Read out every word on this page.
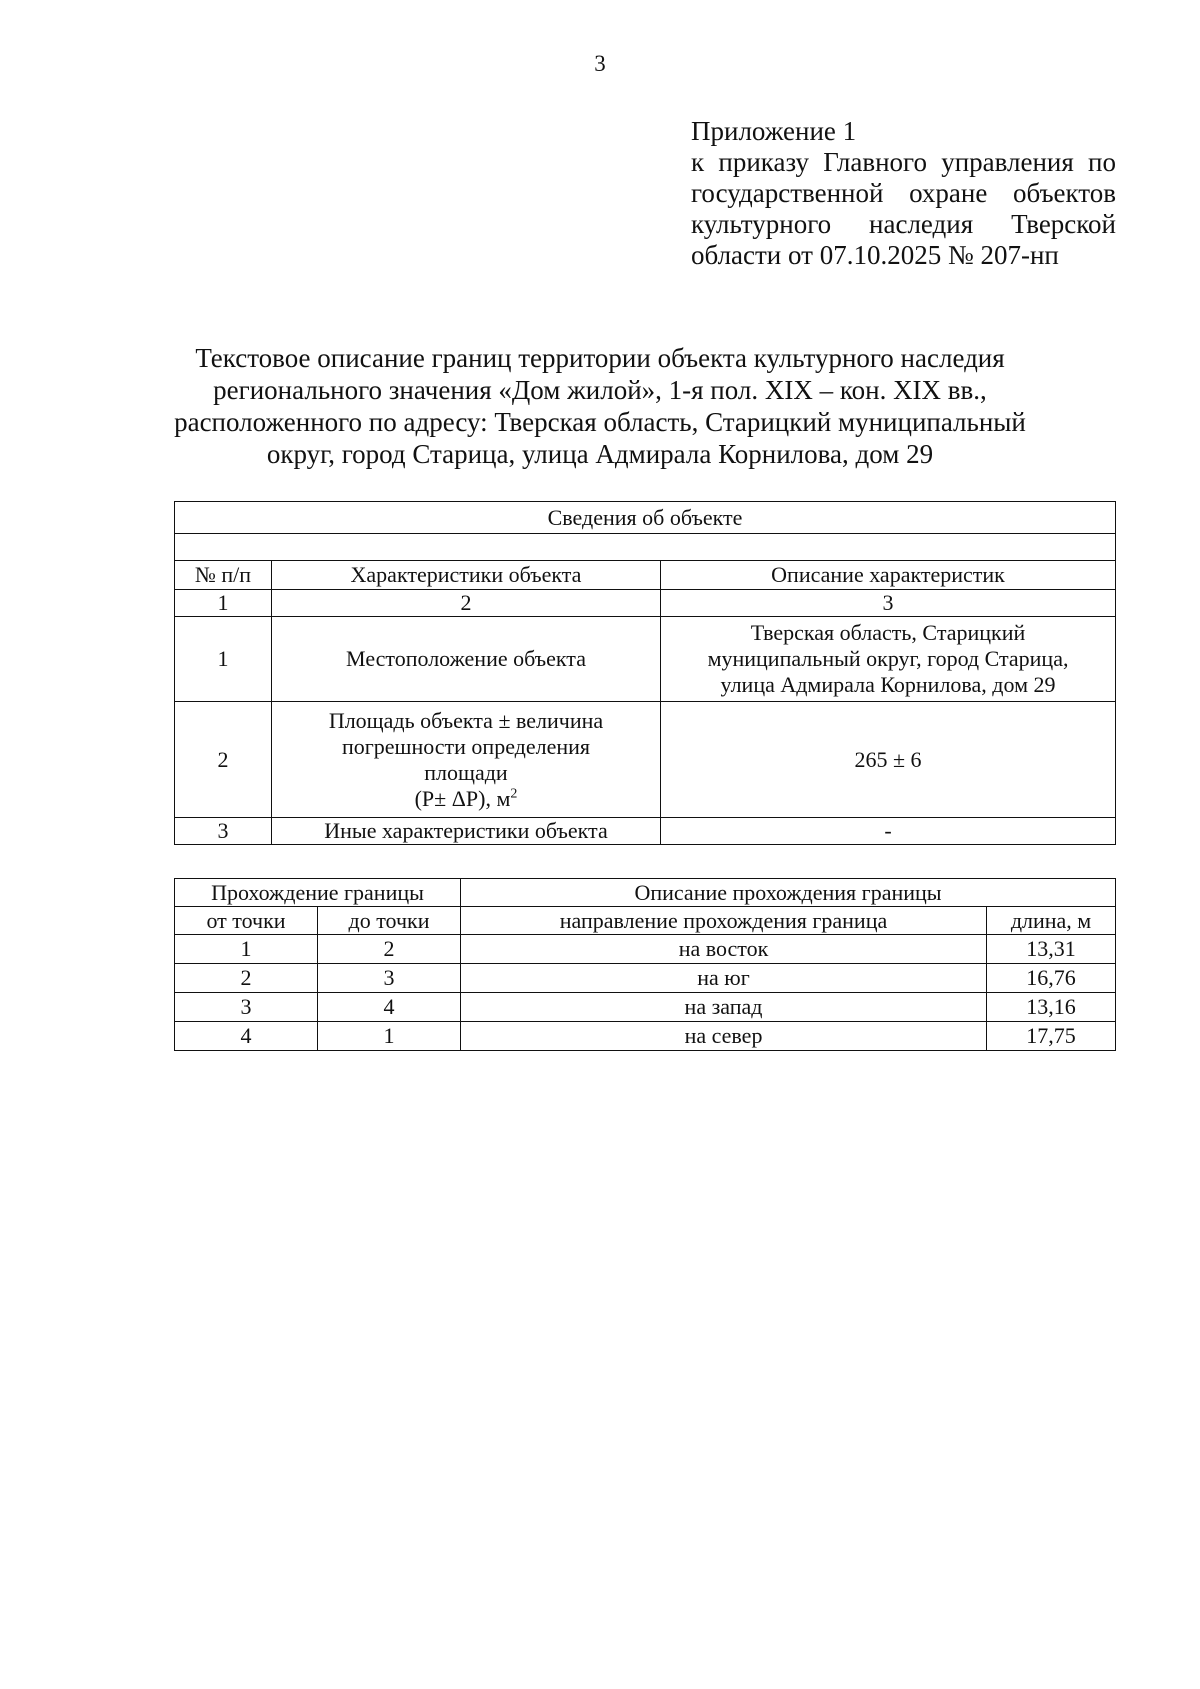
3
Приложение 1
к приказу Главного управления по
государственной охране объектов
культурного наследия Тверской
области от 07.10.2025 № 207-нп
Текстовое описание границ территории объекта культурного наследия
регионального значения «Дом жилой», 1-я пол. XIX – кон. XIX вв.,
расположенного по адресу: Тверская область, Старицкий муниципальный
округ, город Старица, улица Адмирала Корнилова, дом 29
Сведения об объекте		

№ п/п	Характеристики объекта	Описание характеристик
1	2	3
1	Местоположение объекта	Тверская область, Старицкий
муниципальный округ, город Старица,
улица Адмирала Корнилова, дом 29

2	Площадь объекта ± величина
погрешности определения
площади
(Р± ΔР), $м^2$	265 ± 6
3	Иные характеристики объекта	-
Прохождение границы		Описание прохождения границы	
от точки	до точки	направление прохождения граница	длина, м
1	2	на восток	13,31
2	3	на юг	16,76
3	4	на запад	13,16
4	1	на север	17,75
